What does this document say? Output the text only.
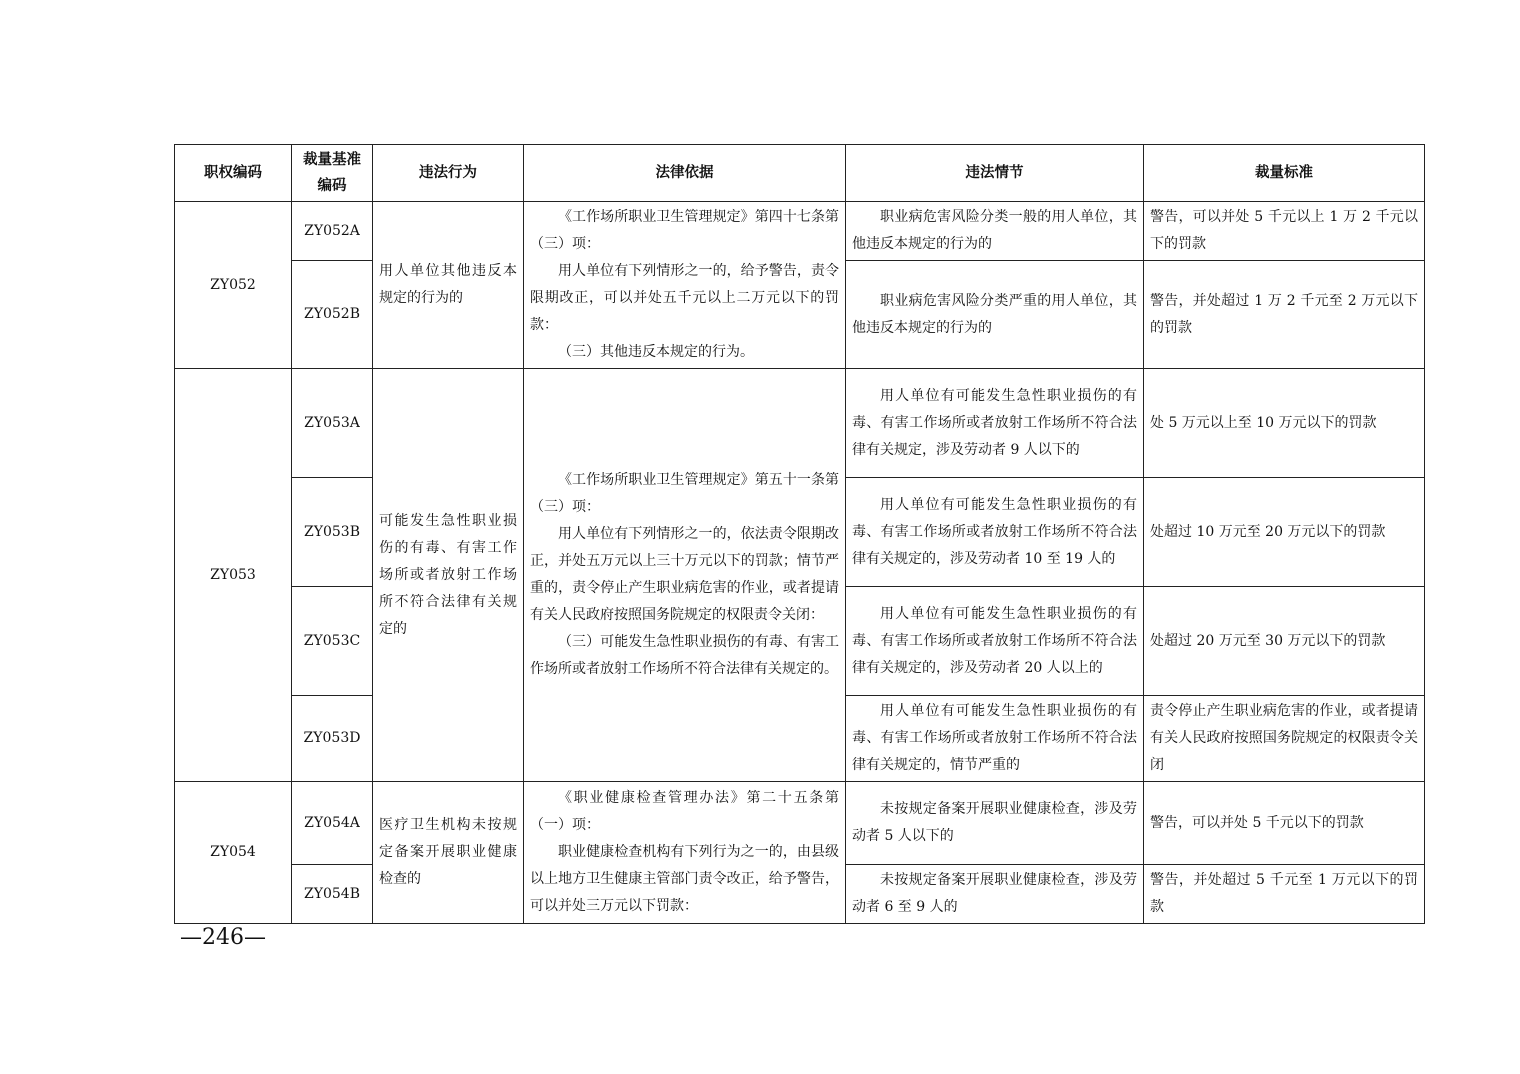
职权编码	裁量基准编码	违法行为	法律依据	违法情节	裁量标准
ZY052	ZY052A	用人单位其他违反本规定的行为的	《工作场所职业卫生管理规定》第四十七条第（三）项：

用人单位有下列情形之一的，给予警告，责令限期改正，可以并处五千元以上二万元以下的罚款：

（三）其他违反本规定的行为。	职业病危害风险分类一般的用人单位，其他违反本规定的行为的	警告，可以并处 5 千元以上 1 万 2 千元以下的罚款
	ZY052B			职业病危害风险分类严重的用人单位，其他违反本规定的行为的	警告，并处超过 1 万 2 千元至 2 万元以下的罚款
ZY053	ZY053A	可能发生急性职业损伤的有毒、有害工作场所或者放射工作场所不符合法律有关规定的	《工作场所职业卫生管理规定》第五十一条第（三）项：

用人单位有下列情形之一的，依法责令限期改正，并处五万元以上三十万元以下的罚款；情节严重的，责令停止产生职业病危害的作业，或者提请有关人民政府按照国务院规定的权限责令关闭：

（三）可能发生急性职业损伤的有毒、有害工作场所或者放射工作场所不符合法律有关规定的。	用人单位有可能发生急性职业损伤的有毒、有害工作场所或者放射工作场所不符合法律有关规定，涉及劳动者 9 人以下的	处 5 万元以上至 10 万元以下的罚款
	ZY053B			用人单位有可能发生急性职业损伤的有毒、有害工作场所或者放射工作场所不符合法律有关规定的，涉及劳动者 10 至 19 人的	处超过 10 万元至 20 万元以下的罚款
	ZY053C			用人单位有可能发生急性职业损伤的有毒、有害工作场所或者放射工作场所不符合法律有关规定的，涉及劳动者 20 人以上的	处超过 20 万元至 30 万元以下的罚款
	ZY053D			用人单位有可能发生急性职业损伤的有毒、有害工作场所或者放射工作场所不符合法律有关规定的，情节严重的	责令停止产生职业病危害的作业，或者提请有关人民政府按照国务院规定的权限责令关闭
ZY054	ZY054A	医疗卫生机构未按规定备案开展职业健康检查的	《职业健康检查管理办法》第二十五条第（一）项：

职业健康检查机构有下列行为之一的，由县级以上地方卫生健康主管部门责令改正，给予警告，可以并处三万元以下罚款：	未按规定备案开展职业健康检查，涉及劳动者 5 人以下的	警告，可以并处 5 千元以下的罚款
	ZY054B			未按规定备案开展职业健康检查，涉及劳动者 6 至 9 人的	警告，并处超过 5 千元至 1 万元以下的罚款
—246—
